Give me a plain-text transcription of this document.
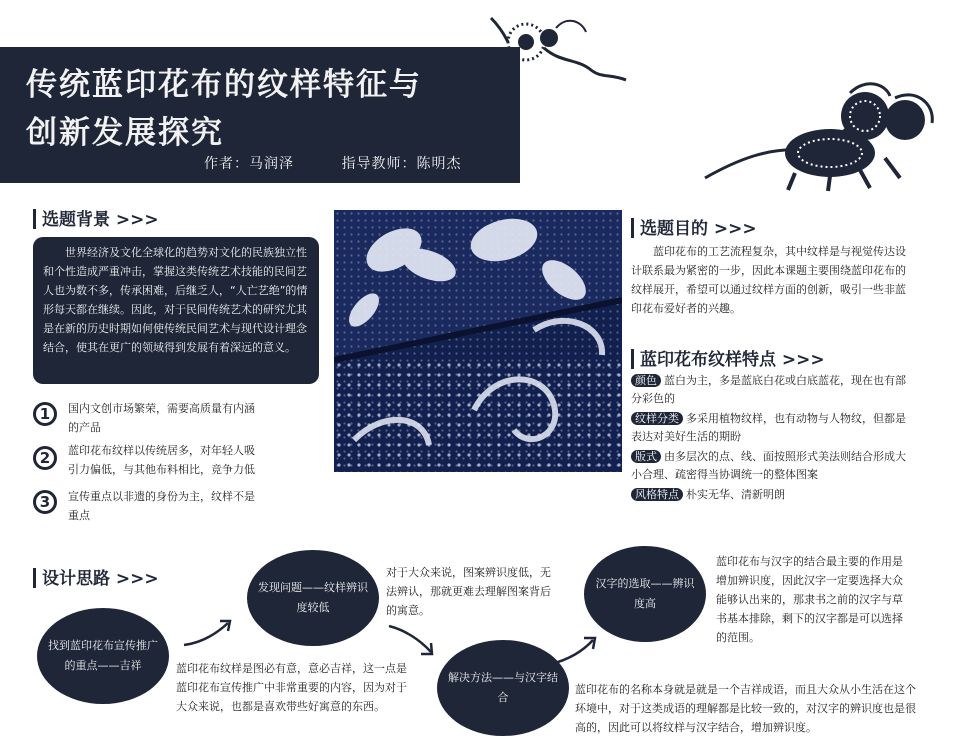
传统蓝印花布的纹样特征与
创新发展探究
作者：马润泽	指导教师：陈明杰
选题背景 >>>
世界经济及文化全球化的趋势对文化的民族独立性和个性造成严重冲击，掌握这类传统艺术技能的民间艺人也为数不多，传承困难，后继乏人，“人亡艺绝”的情形每天都在继续。因此，对于民间传统艺术的研究尤其是在新的历史时期如何使传统民间艺术与现代设计理念结合，使其在更广的领域得到发展有着深远的意义。
1	国内文创市场繁荣，需要高质量有内涵
的产品
2	蓝印花布纹样以传统居多，对年轻人吸
引力偏低，与其他布料相比，竞争力低
3	宣传重点以非遗的身份为主，纹样不是
重点
选题目的 >>>
蓝印花布的工艺流程复杂，其中纹样是与视觉传达设计联系最为紧密的一步，因此本课题主要围绕蓝印花布的纹样展开，希望可以通过纹样方面的创新，吸引一些非蓝印花布爱好者的兴趣。
蓝印花布纹样特点 >>>
颜色 蓝白为主，多是蓝底白花或白底蓝花，现在也有部分彩色的
纹样分类 多采用植物纹样，也有动物与人物纹，但都是表达对美好生活的期盼
版式 由多层次的点、线、面按照形式美法则结合形成大小合理、疏密得当协调统一的整体图案
风格特点 朴实无华、清新明朗
设计思路 >>>
找到蓝印花布宣传推广的重点——吉祥
发现问题——纹样辨识度较低
解决方法——与汉字结合
汉字的选取——辨识度高
蓝印花布纹样是图必有意，意必吉祥，这一点是蓝印花布宣传推广中非常重要的内容，因为对于大众来说，也都是喜欢带些好寓意的东西。
对于大众来说，图案辨识度低，无法辨认，那就更难去理解图案背后的寓意。
蓝印花布的名称本身就是就是一个吉祥成语，而且大众从小生活在这个环境中，对于这类成语的理解都是比较一致的，对汉字的辨识度也是很高的，因此可以将纹样与汉字结合，增加辨识度。
蓝印花布与汉字的结合最主要的作用是增加辨识度，因此汉字一定要选择大众能够认出来的，那隶书之前的汉字与草书基本排除，剩下的汉字都是可以选择的范围。
